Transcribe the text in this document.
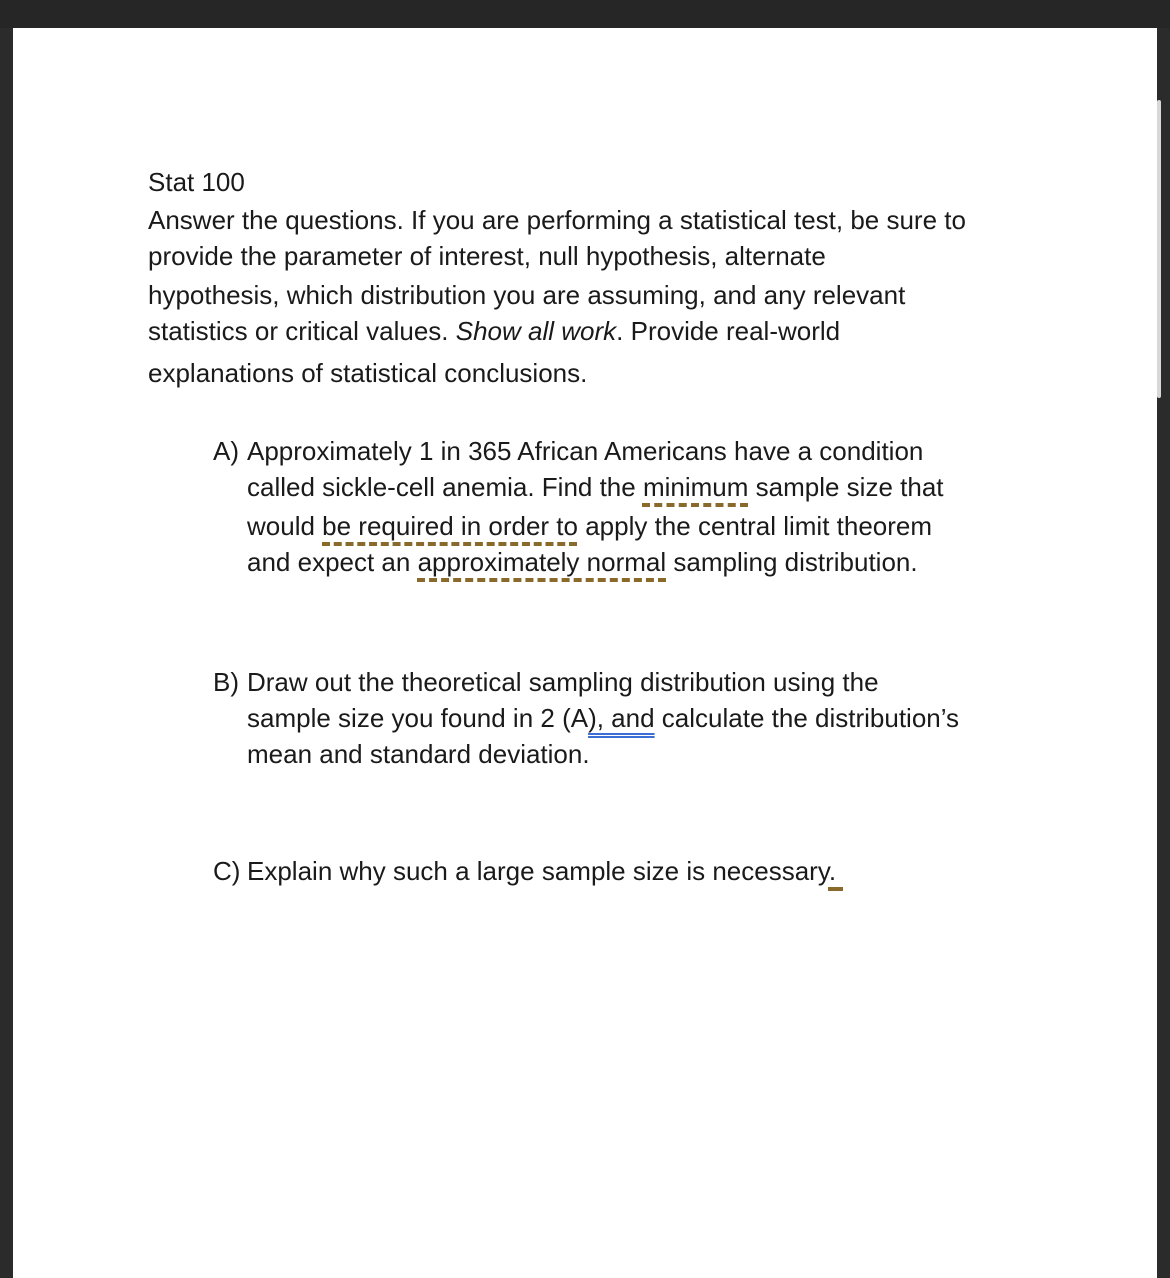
Stat 100
Answer the questions. If you are performing a statistical test, be sure to
provide the parameter of interest, null hypothesis, alternate
hypothesis, which distribution you are assuming, and any relevant
statistics or critical values. Show all work. Provide real-world
explanations of statistical conclusions.
A) Approximately 1 in 365 African Americans have a condition
called sickle-cell anemia. Find the minimum sample size that
would be required in order to apply the central limit theorem
and expect an approximately normal sampling distribution.
B) Draw out the theoretical sampling distribution using the
sample size you found in 2 (A), and calculate the distribution’s
mean and standard deviation.
C) Explain why such a large sample size is necessary.
